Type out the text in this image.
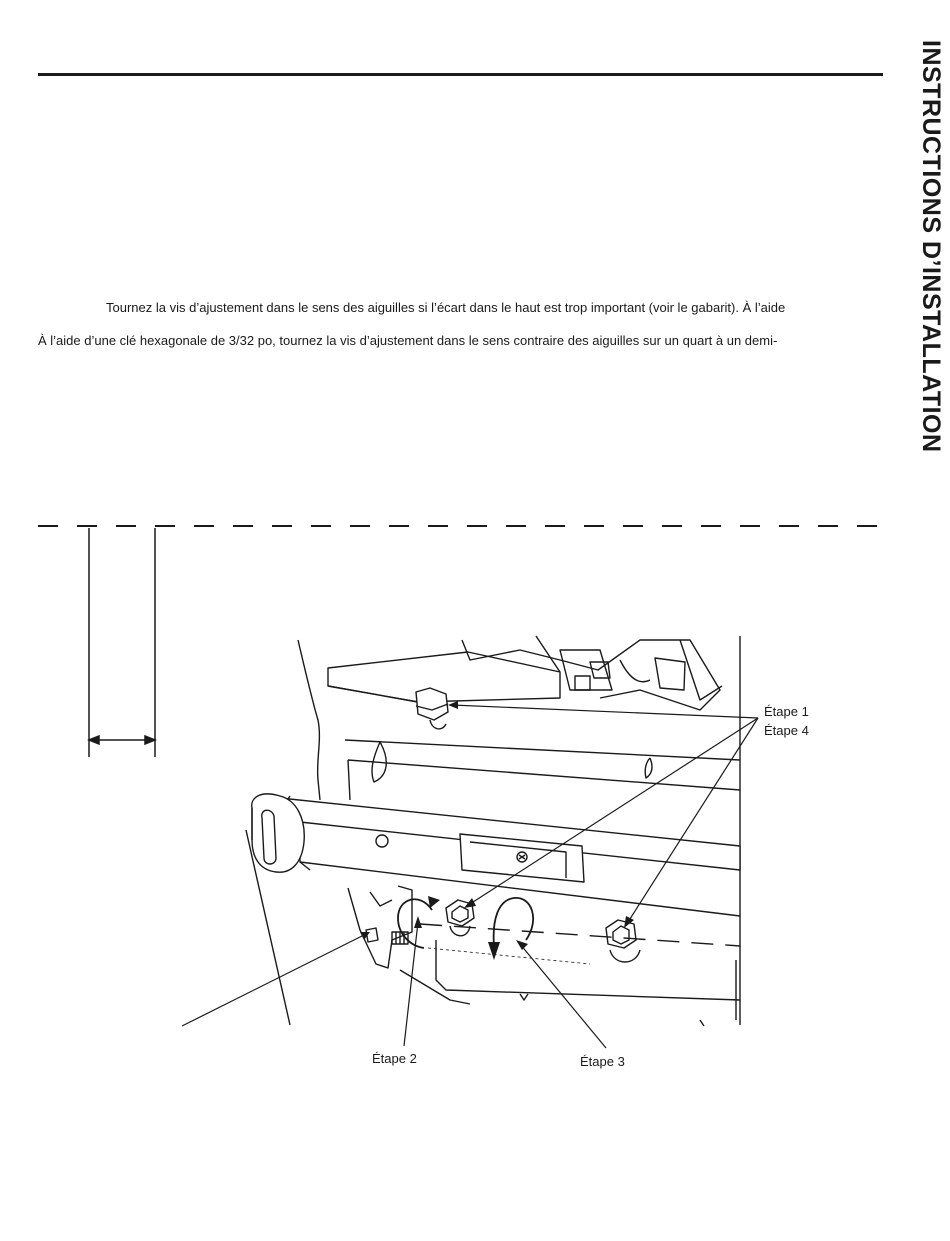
INSTRUCTIONS D’INSTALLATION
Tournez la vis d’ajustement dans le sens des aiguilles si l’écart dans le haut est trop important (voir le gabarit). À l’aide
À l’aide d’une clé hexagonale de 3/32 po, tournez la vis d’ajustement dans le sens contraire des aiguilles sur un quart à un demi-
Étape 1
Étape 4
Étape 2	Étape 3
